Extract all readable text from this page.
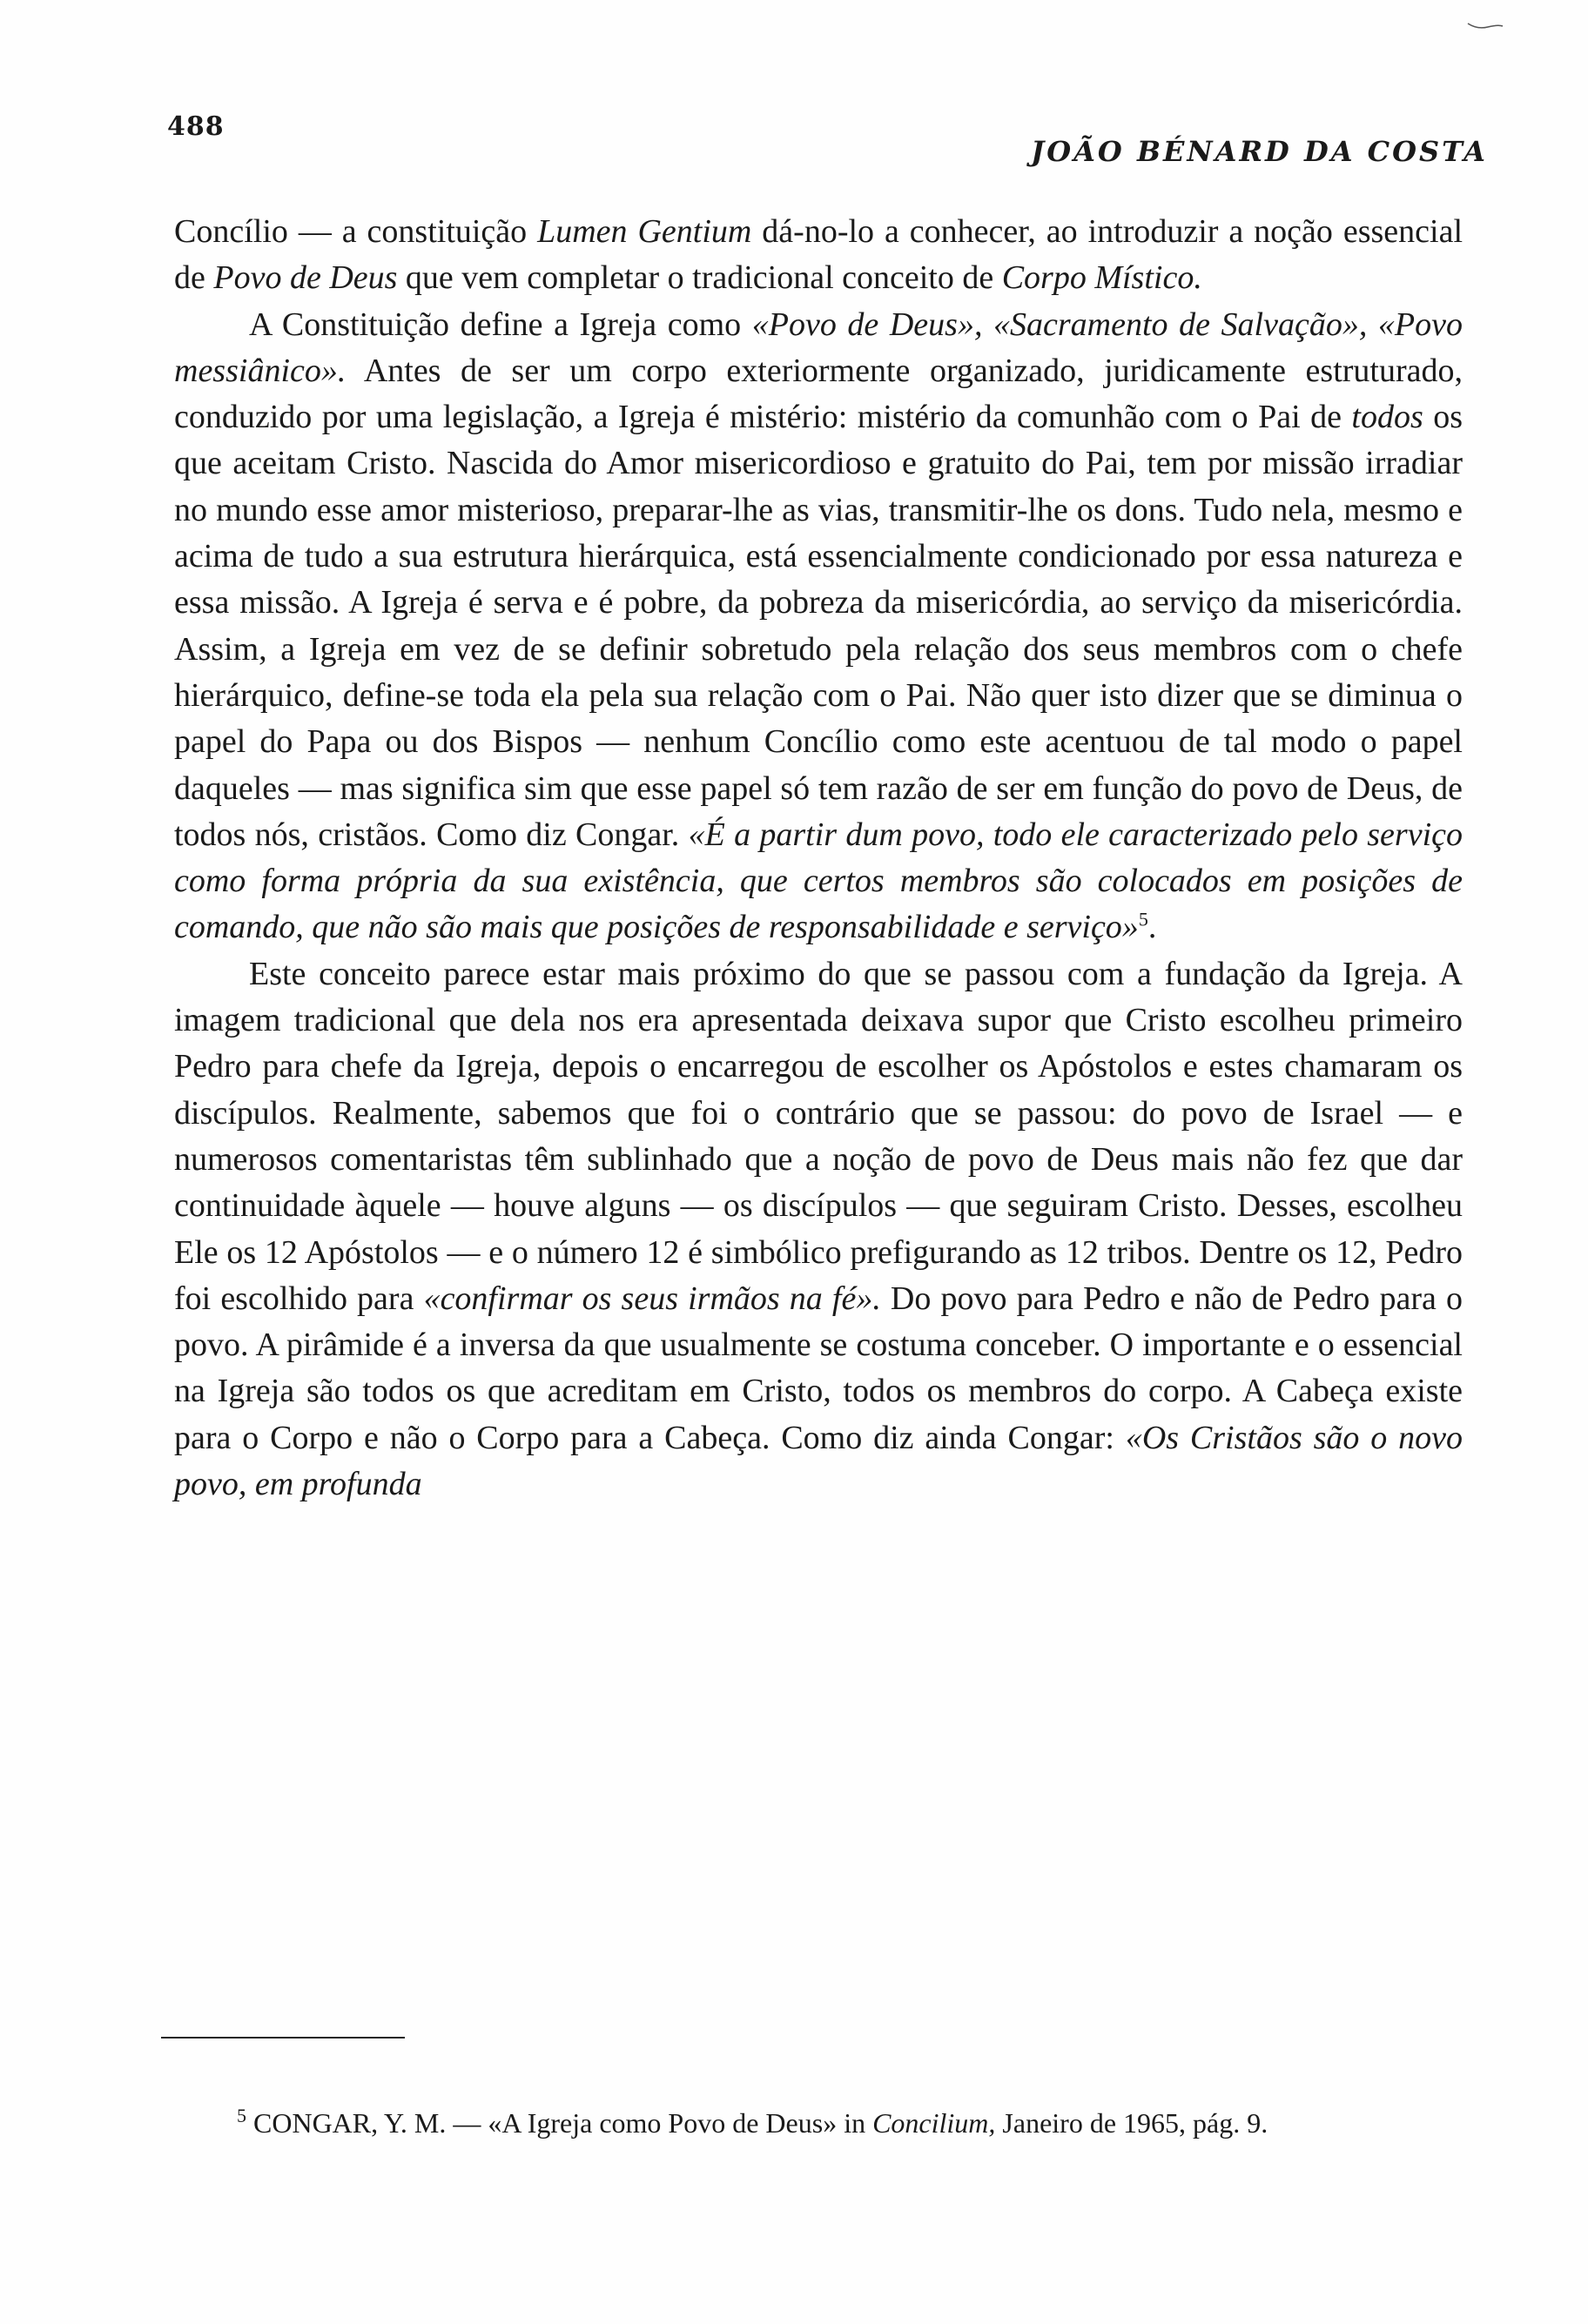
488
JOÃO BÉNARD DA COSTA

Concílio — a constituição Lumen Gentium dá-no-lo a conhecer, ao introduzir a noção essencial de Povo de Deus que vem completar o tradicional conceito de Corpo Místico.

A Constituição define a Igreja como «Povo de Deus», «Sacramento de Salvação», «Povo messiânico». Antes de ser um corpo exteriormente organizado, juridicamente estruturado, conduzido por uma legislação, a Igreja é mistério: mistério da comunhão com o Pai de todos os que aceitam Cristo. Nascida do Amor misericordioso e gratuito do Pai, tem por missão irradiar no mundo esse amor misterioso, preparar-lhe as vias, transmitir-lhe os dons. Tudo nela, mesmo e acima de tudo a sua estrutura hierárquica, está essencialmente condicionado por essa natureza e essa missão. A Igreja é serva e é pobre, da pobreza da misericórdia, ao serviço da misericórdia. Assim, a Igreja em vez de se definir sobretudo pela relação dos seus membros com o chefe hierárquico, define-se toda ela pela sua relação com o Pai. Não quer isto dizer que se diminua o papel do Papa ou dos Bispos — nenhum Concílio como este acentuou de tal modo o papel daqueles — mas significa sim que esse papel só tem razão de ser em função do povo de Deus, de todos nós, cristãos. Como diz Congar. «É a partir dum povo, todo ele caracterizado pelo serviço como forma própria da sua existência, que certos membros são colocados em posições de comando, que não são mais que posições de responsabilidade e serviço»$^5$.

Este conceito parece estar mais próximo do que se passou com a fundação da Igreja. A imagem tradicional que dela nos era apresentada deixava supor que Cristo escolheu primeiro Pedro para chefe da Igreja, depois o encarregou de escolher os Apóstolos e estes chamaram os discípulos. Realmente, sabemos que foi o contrário que se passou: do povo de Israel — e numerosos comentaristas têm sublinhado que a noção de povo de Deus mais não fez que dar continuidade àquele — houve alguns — os discípulos — que seguiram Cristo. Desses, escolheu Ele os 12 Apóstolos — e o número 12 é simbólico prefigurando as 12 tribos. Dentre os 12, Pedro foi escolhido para «confirmar os seus irmãos na fé». Do povo para Pedro e não de Pedro para o povo. A pirâmide é a inversa da que usualmente se costuma conceber. O importante e o essencial na Igreja são todos os que acreditam em Cristo, todos os membros do corpo. A Cabeça existe para o Corpo e não o Corpo para a Cabeça. Como diz ainda Congar: «Os Cristãos são o novo povo, em profunda

$^5$ CONGAR, Y. M. — «A Igreja como Povo de Deus» in Concilium, Janeiro de 1965, pág. 9.
